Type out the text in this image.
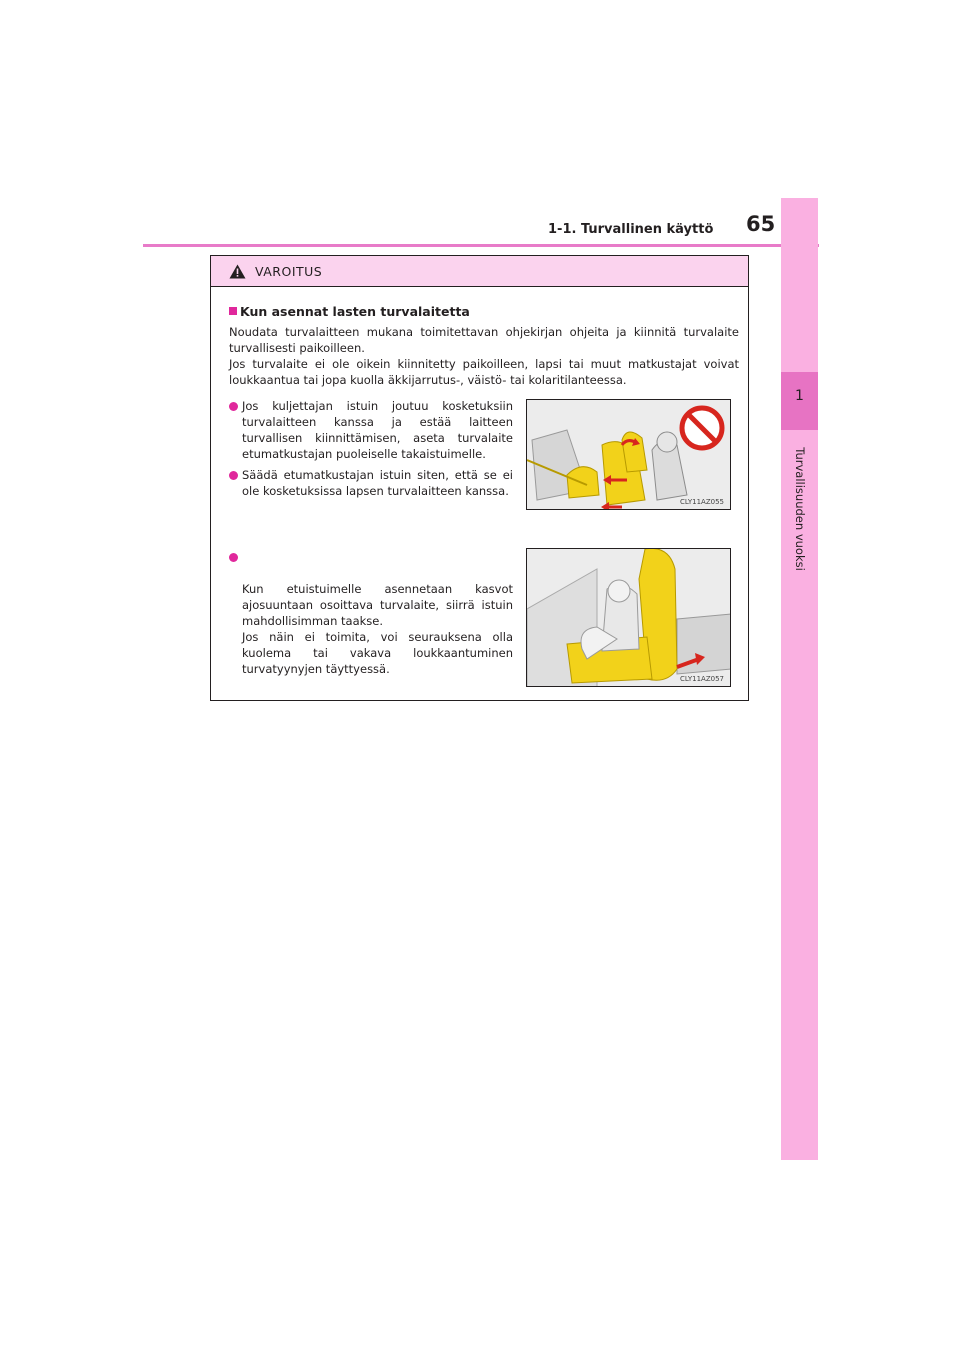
1-1. Turvallinen käyttö 65
1
Turvallisuuden vuoksi
VAROITUS
Kun asennat lasten turvalaitetta
Noudata turvalaitteen mukana toimitettavan ohjekirjan ohjeita ja kiinnitä turvalaite turvallisesti paikoilleen.
Jos turvalaite ei ole oikein kiinnitetty paikoilleen, lapsi tai muut matkustajat voivat loukkaantua tai jopa kuolla äkkijarrutus-, väistö- tai kolaritilanteessa.
Jos kuljettajan istuin joutuu kosketuksiin turvalaitteen kanssa ja estää laitteen turvallisen kiinnittämisen, aseta turvalaite etumatkustajan puoleiselle takaistuimelle.
Säädä etumatkustajan istuin siten, että se ei ole kosketuksissa lapsen turvalaitteen kanssa.

Kun etuistuimelle asennetaan kasvot ajosuuntaan osoittava turvalaite, siirrä istuin mahdollisimman taakse.
Jos näin ei toimita, voi seurauksena olla kuolema tai vakava loukkaantuminen turvatyynyjen täyttyessä.

CLY11AZ055
CLY11AZ057
